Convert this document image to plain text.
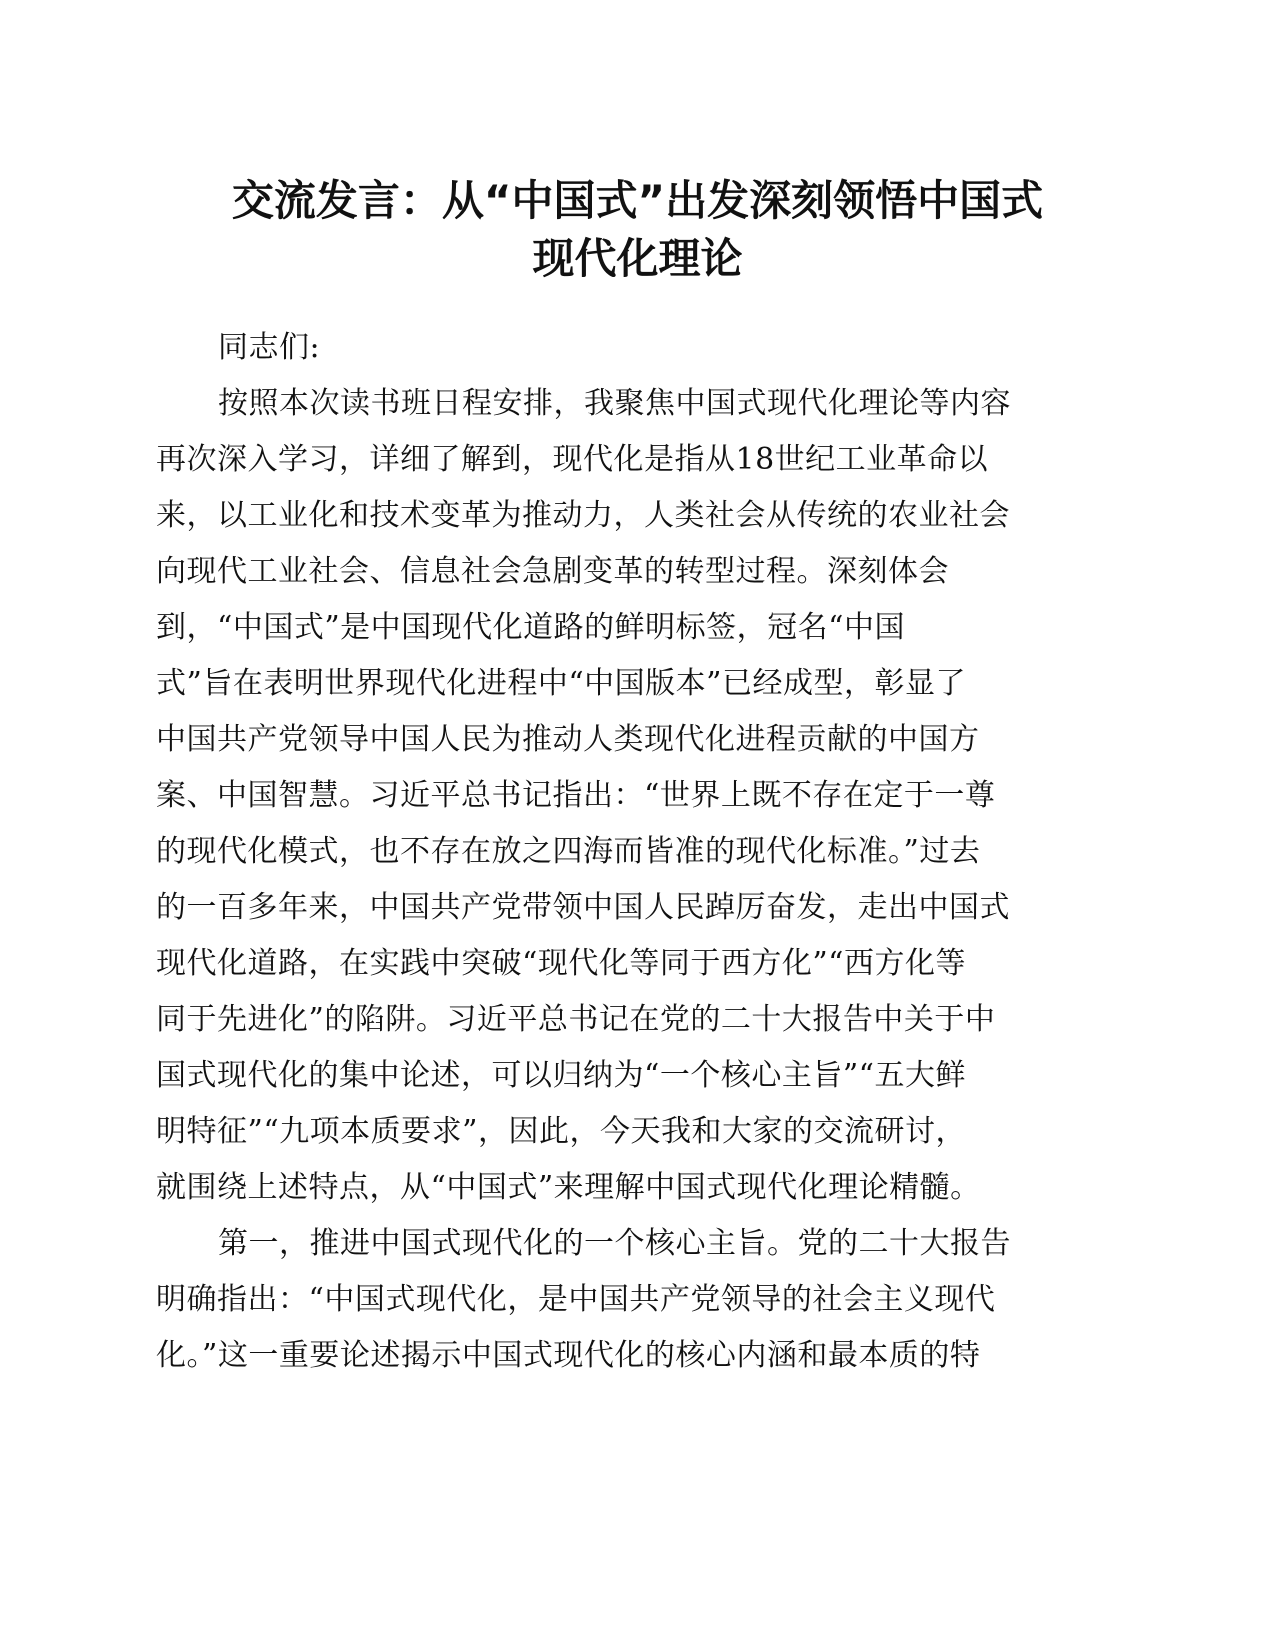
交流发言：从“中国式”出发深刻领悟中国式
现代化理论
同志们:
按照本次读书班日程安排，我聚焦中国式现代化理论等内容
再次深入学习，详细了解到，现代化是指从18世纪工业革命以
来，以工业化和技术变革为推动力，人类社会从传统的农业社会
向现代工业社会、信息社会急剧变革的转型过程。深刻体会
到，“中国式”是中国现代化道路的鲜明标签，冠名“中国
式”旨在表明世界现代化进程中“中国版本”已经成型，彰显了
中国共产党领导中国人民为推动人类现代化进程贡献的中国方
案、中国智慧。习近平总书记指出：“世界上既不存在定于一尊
的现代化模式，也不存在放之四海而皆准的现代化标准。”过去
的一百多年来，中国共产党带领中国人民踔厉奋发，走出中国式
现代化道路，在实践中突破“现代化等同于西方化”“西方化等
同于先进化”的陷阱。习近平总书记在党的二十大报告中关于中
国式现代化的集中论述，可以归纳为“一个核心主旨”“五大鲜
明特征”“九项本质要求”，因此，今天我和大家的交流研讨，
就围绕上述特点，从“中国式”来理解中国式现代化理论精髓。
第一，推进中国式现代化的一个核心主旨。党的二十大报告
明确指出：“中国式现代化，是中国共产党领导的社会主义现代
化。”这一重要论述揭示中国式现代化的核心内涵和最本质的特
